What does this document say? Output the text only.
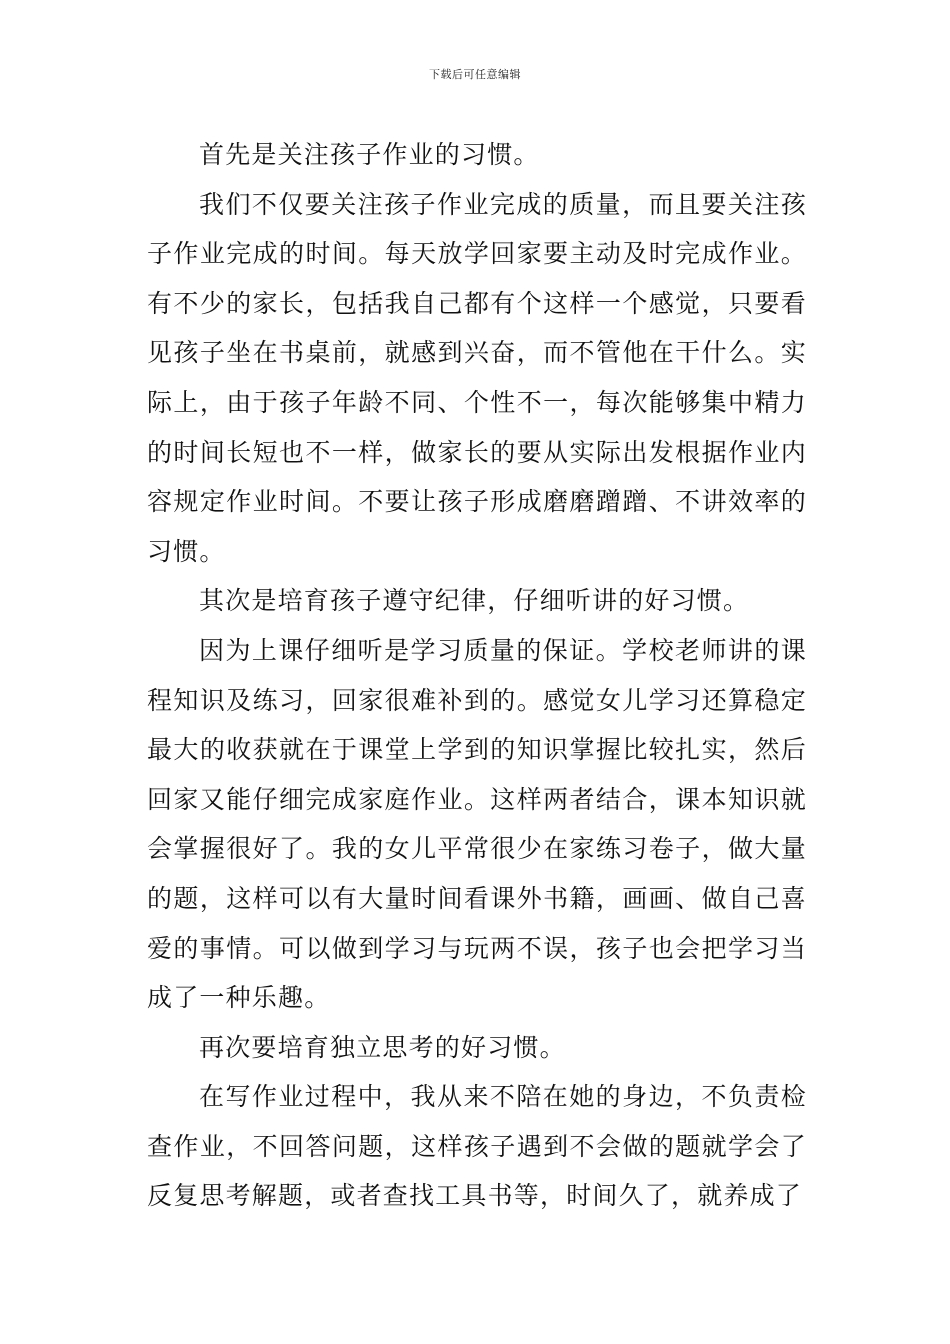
下载后可任意编辑

首先是关注孩子作业的习惯。

我们不仅要关注孩子作业完成的质量，而且要关注孩子作业完成的时间。每天放学回家要主动及时完成作业。有不少的家长，包括我自己都有个这样一个感觉，只要看见孩子坐在书桌前，就感到兴奋，而不管他在干什么。实际上，由于孩子年龄不同、个性不一，每次能够集中精力的时间长短也不一样，做家长的要从实际出发根据作业内容规定作业时间。不要让孩子形成磨磨蹭蹭、不讲效率的习惯。

其次是培育孩子遵守纪律，仔细听讲的好习惯。

因为上课仔细听是学习质量的保证。学校老师讲的课程知识及练习，回家很难补到的。感觉女儿学习还算稳定最大的收获就在于课堂上学到的知识掌握比较扎实，然后回家又能仔细完成家庭作业。这样两者结合，课本知识就会掌握很好了。我的女儿平常很少在家练习卷子，做大量的题，这样可以有大量时间看课外书籍，画画、做自己喜爱的事情。可以做到学习与玩两不误，孩子也会把学习当成了一种乐趣。

再次要培育独立思考的好习惯。

在写作业过程中，我从来不陪在她的身边，不负责检查作业，不回答问题，这样孩子遇到不会做的题就学会了反复思考解题，或者查找工具书等，时间久了，就养成了
